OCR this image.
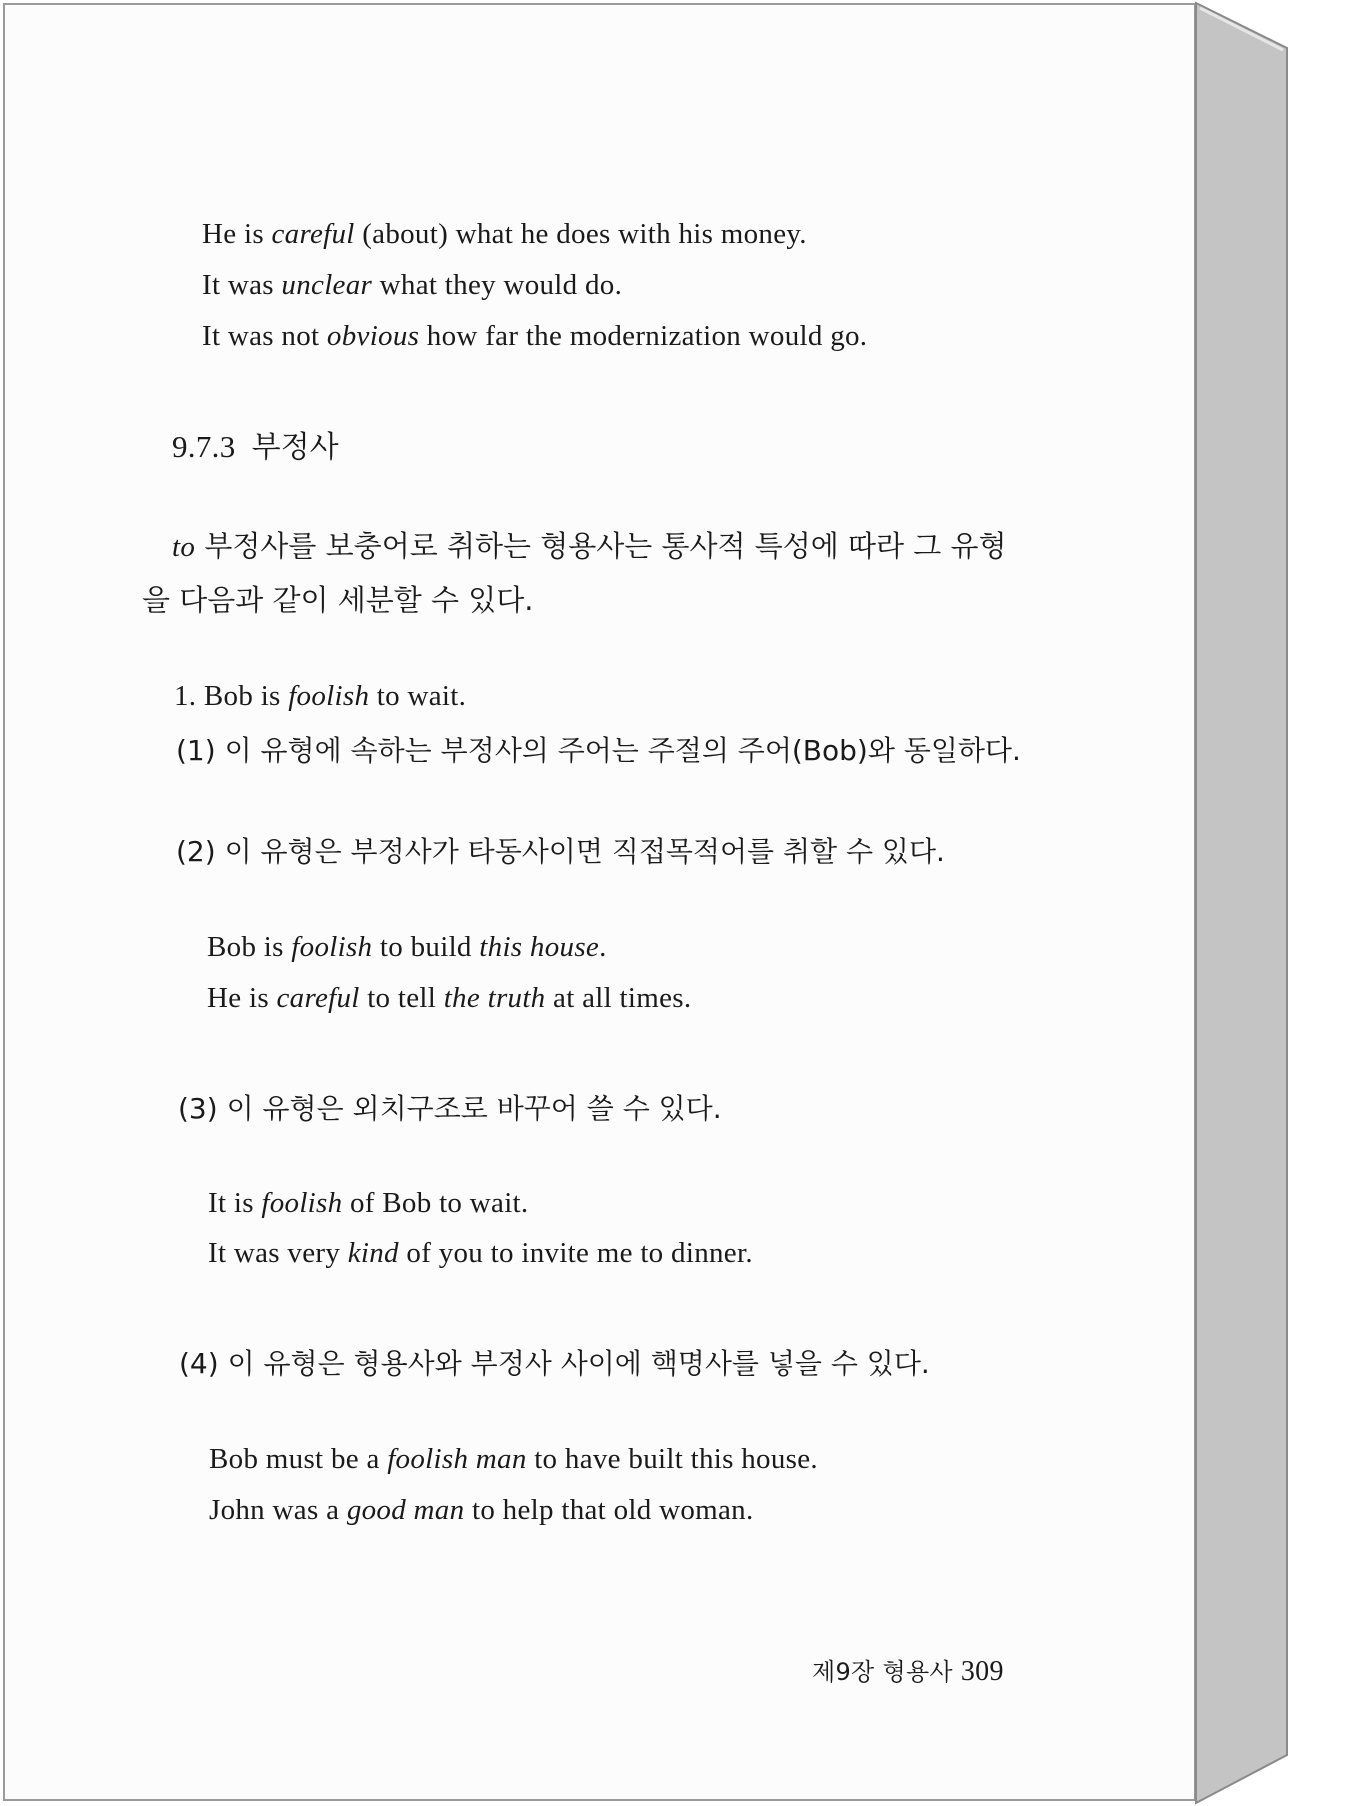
He is careful (about) what he does with his money.
It was unclear what they would do.
It was not obvious how far the modernization would go.
9.7.3 부정사
to 부정사를 보충어로 취하는 형용사는 통사적 특성에 따라 그 유형
을 다음과 같이 세분할 수 있다.
1. Bob is foolish to wait.
(1) 이 유형에 속하는 부정사의 주어는 주절의 주어(Bob)와 동일하다.
(2) 이 유형은 부정사가 타동사이면 직접목적어를 취할 수 있다.
Bob is foolish to build this house.
He is careful to tell the truth at all times.
(3) 이 유형은 외치구조로 바꾸어 쓸 수 있다.
It is foolish of Bob to wait.
It was very kind of you to invite me to dinner.
(4) 이 유형은 형용사와 부정사 사이에 핵명사를 넣을 수 있다.
Bob must be a foolish man to have built this house.
John was a good man to help that old woman.
제9장 형용사 309
